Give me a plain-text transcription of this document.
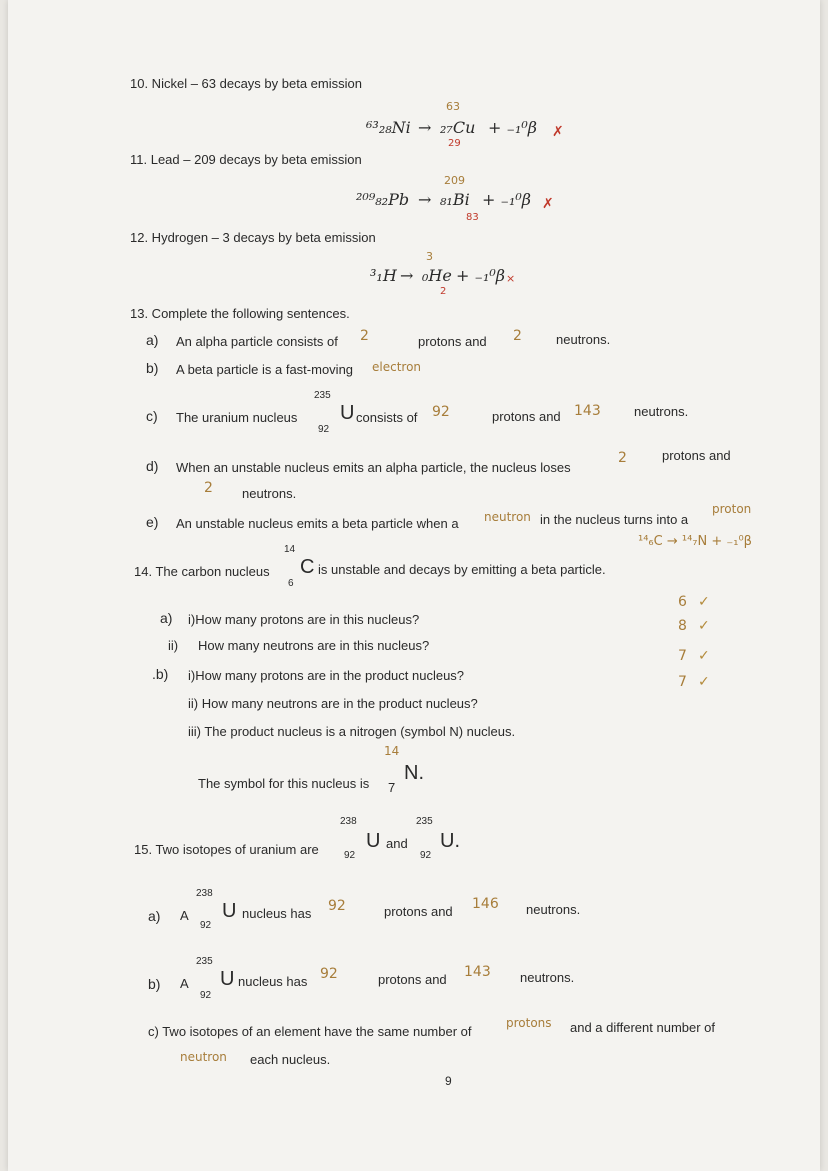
10. Nickel – 63 decays by beta emission
⁶³₂₈Ni → ₂₇Cu
63
+ ₋₁⁰β
29
✗
11. Lead – 209 decays by beta emission
²⁰⁹₈₂Pb → ₈₁Bi
209
+ ₋₁⁰β
83
✗
12. Hydrogen – 3 decays by beta emission
³₁H → ₀He
3
+ ₋₁⁰β
2
×
13. Complete the following sentences.
a) An alpha particle consists of 2	protons and 2	neutrons.
b) A beta particle is a fast-moving electron
c) The uranium nucleus
235
92
U consists of 92	protons and 143	neutrons.
d) When an unstable nucleus emits an alpha particle, the nucleus loses
2	protons and
2 neutrons.
e) An unstable nucleus emits a beta particle when a neutron in the nucleus turns into a
proton
¹⁴₆C → ¹⁴₇N + ₋₁⁰β
14. The carbon nucleus
14
6
C is unstable and decays by emitting a beta particle.
a) i)How many protons are in this nucleus?
ii) How many neutrons are in this nucleus?
.b) i)How many protons are in the product nucleus?
ii) How many neutrons are in the product nucleus?
iii) The product nucleus is a nitrogen (symbol N) nucleus.
6
8
7
7
✓
✓
✓
✓
The symbol for this nucleus is
14
7
N.
15. Two isotopes of uranium are
238
92
U and
235
92
U.
a) A
238
92
U nucleus has 92	protons and 146 neutrons.
b) A
235
92
U nucleus has 92	protons and 143 neutrons.
c) Two isotopes of an element have the same number of
protons and a different number of
neutron each nucleus.
9
